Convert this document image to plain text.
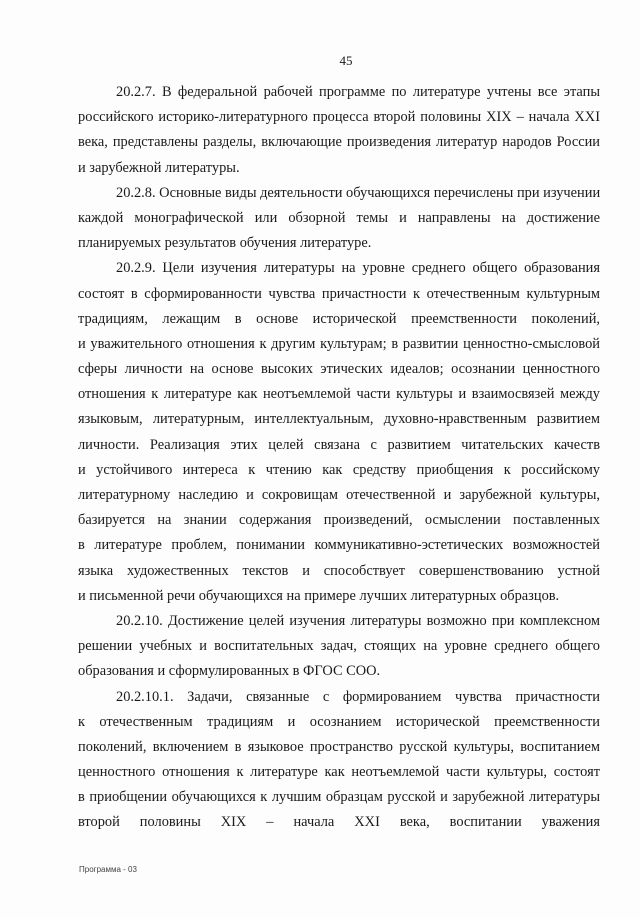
45
20.2.7. В федеральной рабочей программе по литературе учтены все этапы
российского историко-литературного процесса второй половины XIX – начала XXI
века, представлены разделы, включающие произведения литератур народов России
и зарубежной литературы.
20.2.8. Основные виды деятельности обучающихся перечислены при изучении
каждой монографической или обзорной темы и направлены на достижение
планируемых результатов обучения литературе.
20.2.9. Цели изучения литературы на уровне среднего общего образования
состоят в сформированности чувства причастности к отечественным культурным
традициям, лежащим в основе исторической преемственности поколений,
и уважительного отношения к другим культурам; в развитии ценностно-смысловой
сферы личности на основе высоких этических идеалов; осознании ценностного
отношения к литературе как неотъемлемой части культуры и взаимосвязей между
языковым, литературным, интеллектуальным, духовно-нравственным развитием
личности. Реализация этих целей связана с развитием читательских качеств
и устойчивого интереса к чтению как средству приобщения к российскому
литературному наследию и сокровищам отечественной и зарубежной культуры,
базируется на знании содержания произведений, осмыслении поставленных
в литературе проблем, понимании коммуникативно-эстетических возможностей
языка художественных текстов и способствует совершенствованию устной
и письменной речи обучающихся на примере лучших литературных образцов.
20.2.10. Достижение целей изучения литературы возможно при комплексном
решении учебных и воспитательных задач, стоящих на уровне среднего общего
образования и сформулированных в ФГОС СОО.
20.2.10.1. Задачи, связанные с формированием чувства причастности
к отечественным традициям и осознанием исторической преемственности
поколений, включением в языковое пространство русской культуры, воспитанием
ценностного отношения к литературе как неотъемлемой части культуры, состоят
в приобщении обучающихся к лучшим образцам русской и зарубежной литературы
второй половины XIX – начала XXI века, воспитании уважения
Программа - 03
